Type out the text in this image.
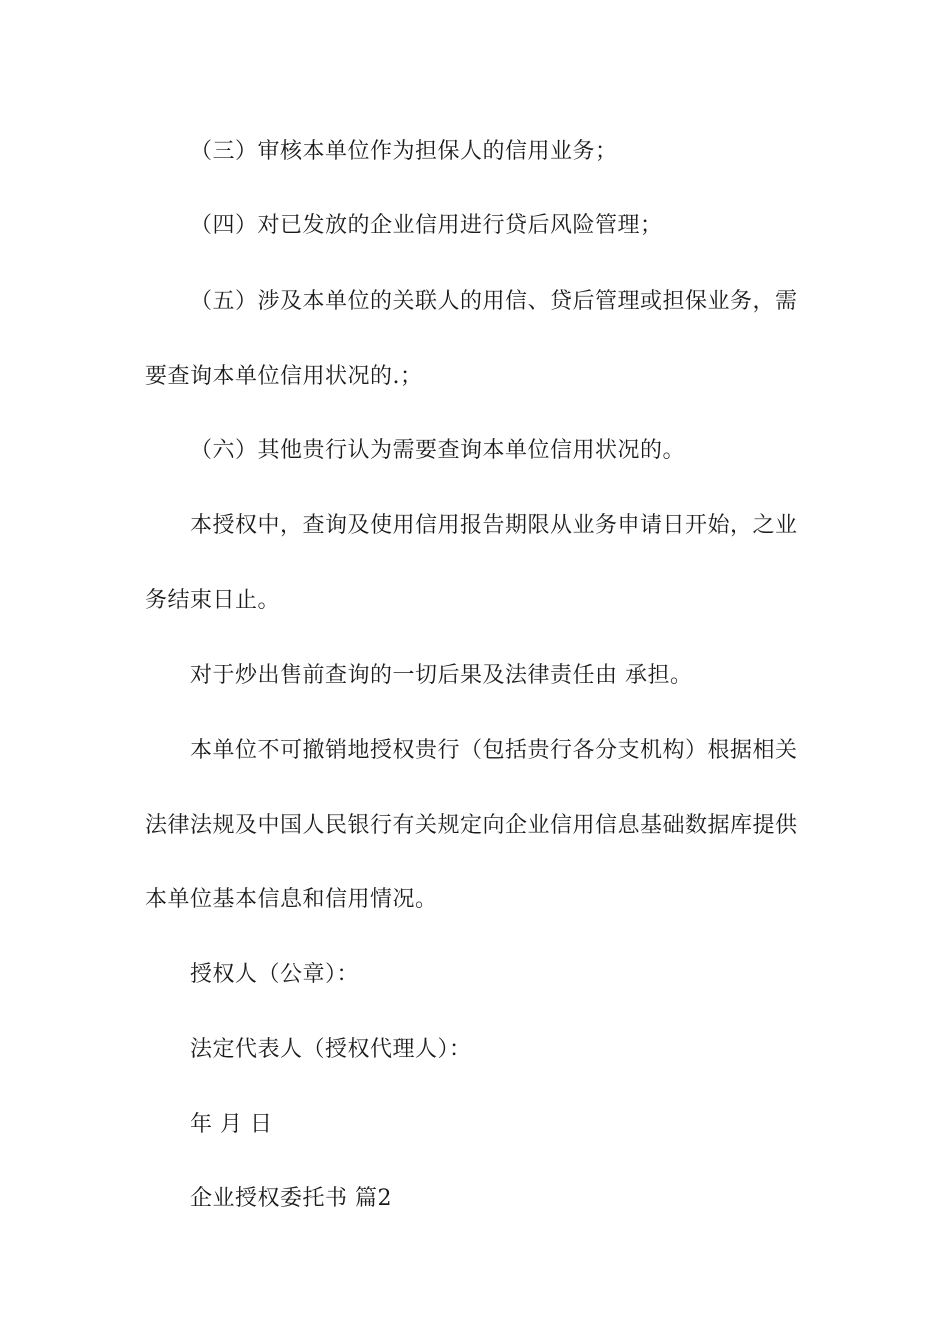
（三）审核本单位作为担保人的信用业务；
（四）对已发放的企业信用进行贷后风险管理；
（五）涉及本单位的关联人的用信、贷后管理或担保业务，需
要查询本单位信用状况的.；
（六）其他贵行认为需要查询本单位信用状况的。
本授权中，查询及使用信用报告期限从业务申请日开始，之业
务结束日止。
对于炒出售前查询的一切后果及法律责任由 承担。
本单位不可撤销地授权贵行（包括贵行各分支机构）根据相关
法律法规及中国人民银行有关规定向企业信用信息基础数据库提供
本单位基本信息和信用情况。
授权人（公章）：
法定代表人（授权代理人）：
年 月 日
企业授权委托书 篇2
